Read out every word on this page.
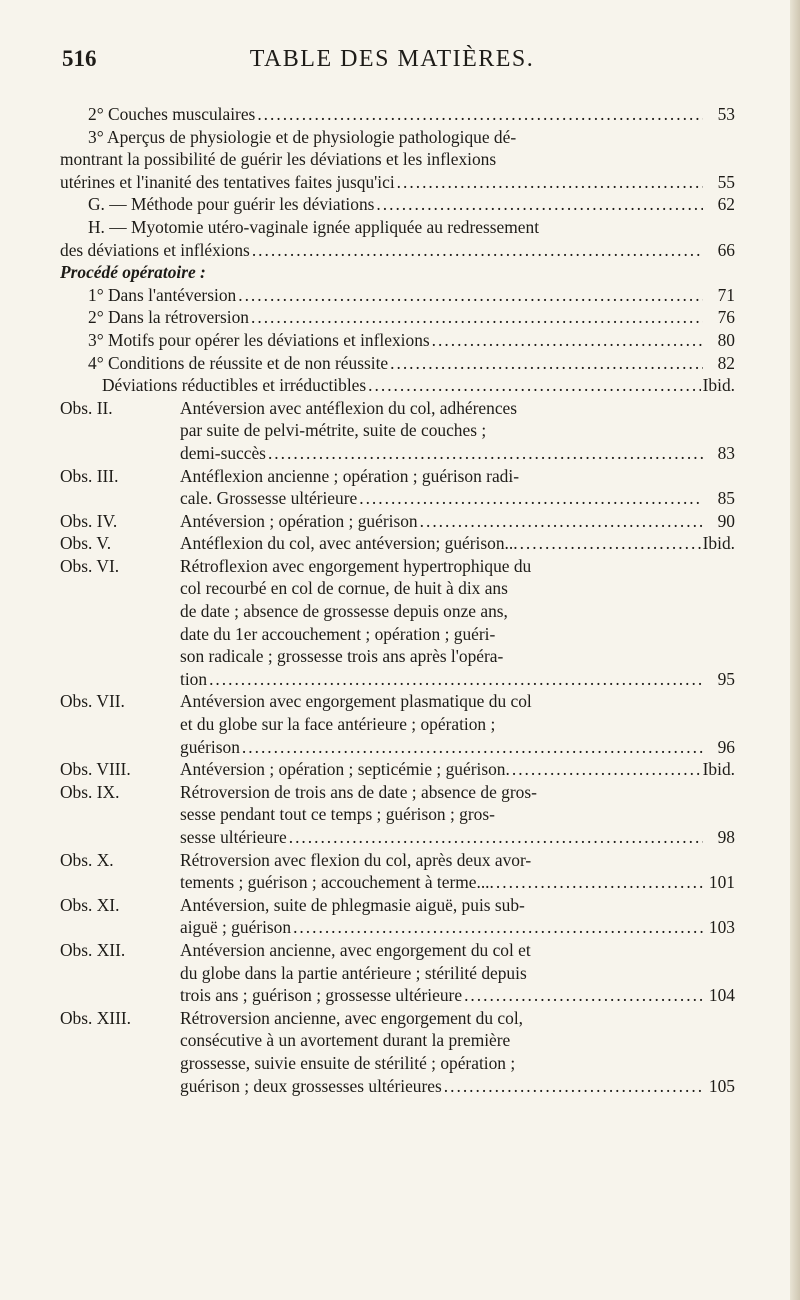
516	TABLE DES MATIÈRES.
2° Couches musculaires .....	53
3° Aperçus de physiologie et de physiologie pathologique dé-
montrant la possibilité de guérir les déviations et les inflexions
utérines et l'inanité des tentatives faites jusqu'ici .....	55
G. — Méthode pour guérir les déviations .....	62
H. — Myotomie utéro-vaginale ignée appliquée au redressement
des déviations et infléxions .....	66
Procédé opératoire :
1° Dans l'antéversion .....	71
2° Dans la rétroversion .....	76
3° Motifs pour opérer les déviations et inflexions .....	80
4° Conditions de réussite et de non réussite .....	82
Déviations réductibles et irréductibles .....	Ibid.
Obs. II.	Antéversion avec antéflexion du col, adhérences
par suite de pelvi-métrite, suite de couches ;
demi-succès .....	83
Obs. III.	Antéflexion ancienne ; opération ; guérison radi-
cale. Grossesse ultérieure .....	85
Obs. IV.	Antéversion ; opération ; guérison .....	90
Obs. V.	Antéflexion du col, avec antéversion; guérison... .....	Ibid.
Obs. VI.	Rétroflexion avec engorgement hypertrophique du
col recourbé en col de cornue, de huit à dix ans
de date ; absence de grossesse depuis onze ans,
date du 1er accouchement ; opération ; guéri-
son radicale ; grossesse trois ans après l'opéra-
tion .....	95
Obs. VII.	Antéversion avec engorgement plasmatique du col
et du globe sur la face antérieure ; opération ;
guérison .....	96
Obs. VIII.	Antéversion ; opération ; septicémie ; guérison. .....	Ibid.
Obs. IX.	Rétroversion de trois ans de date ; absence de gros-
sesse pendant tout ce temps ; guérison ; gros-
sesse ultérieure .....	98
Obs. X.	Rétroversion avec flexion du col, après deux avor-
tements ; guérison ; accouchement à terme.... .....	101
Obs. XI.	Antéversion, suite de phlegmasie aiguë, puis sub-
aiguë ; guérison .....	103
Obs. XII.	Antéversion ancienne, avec engorgement du col et
du globe dans la partie antérieure ; stérilité depuis
trois ans ; guérison ; grossesse ultérieure .....	104
Obs. XIII.	Rétroversion ancienne, avec engorgement du col,
consécutive à un avortement durant la première
grossesse, suivie ensuite de stérilité ; opération ;
guérison ; deux grossesses ultérieures .....	105
